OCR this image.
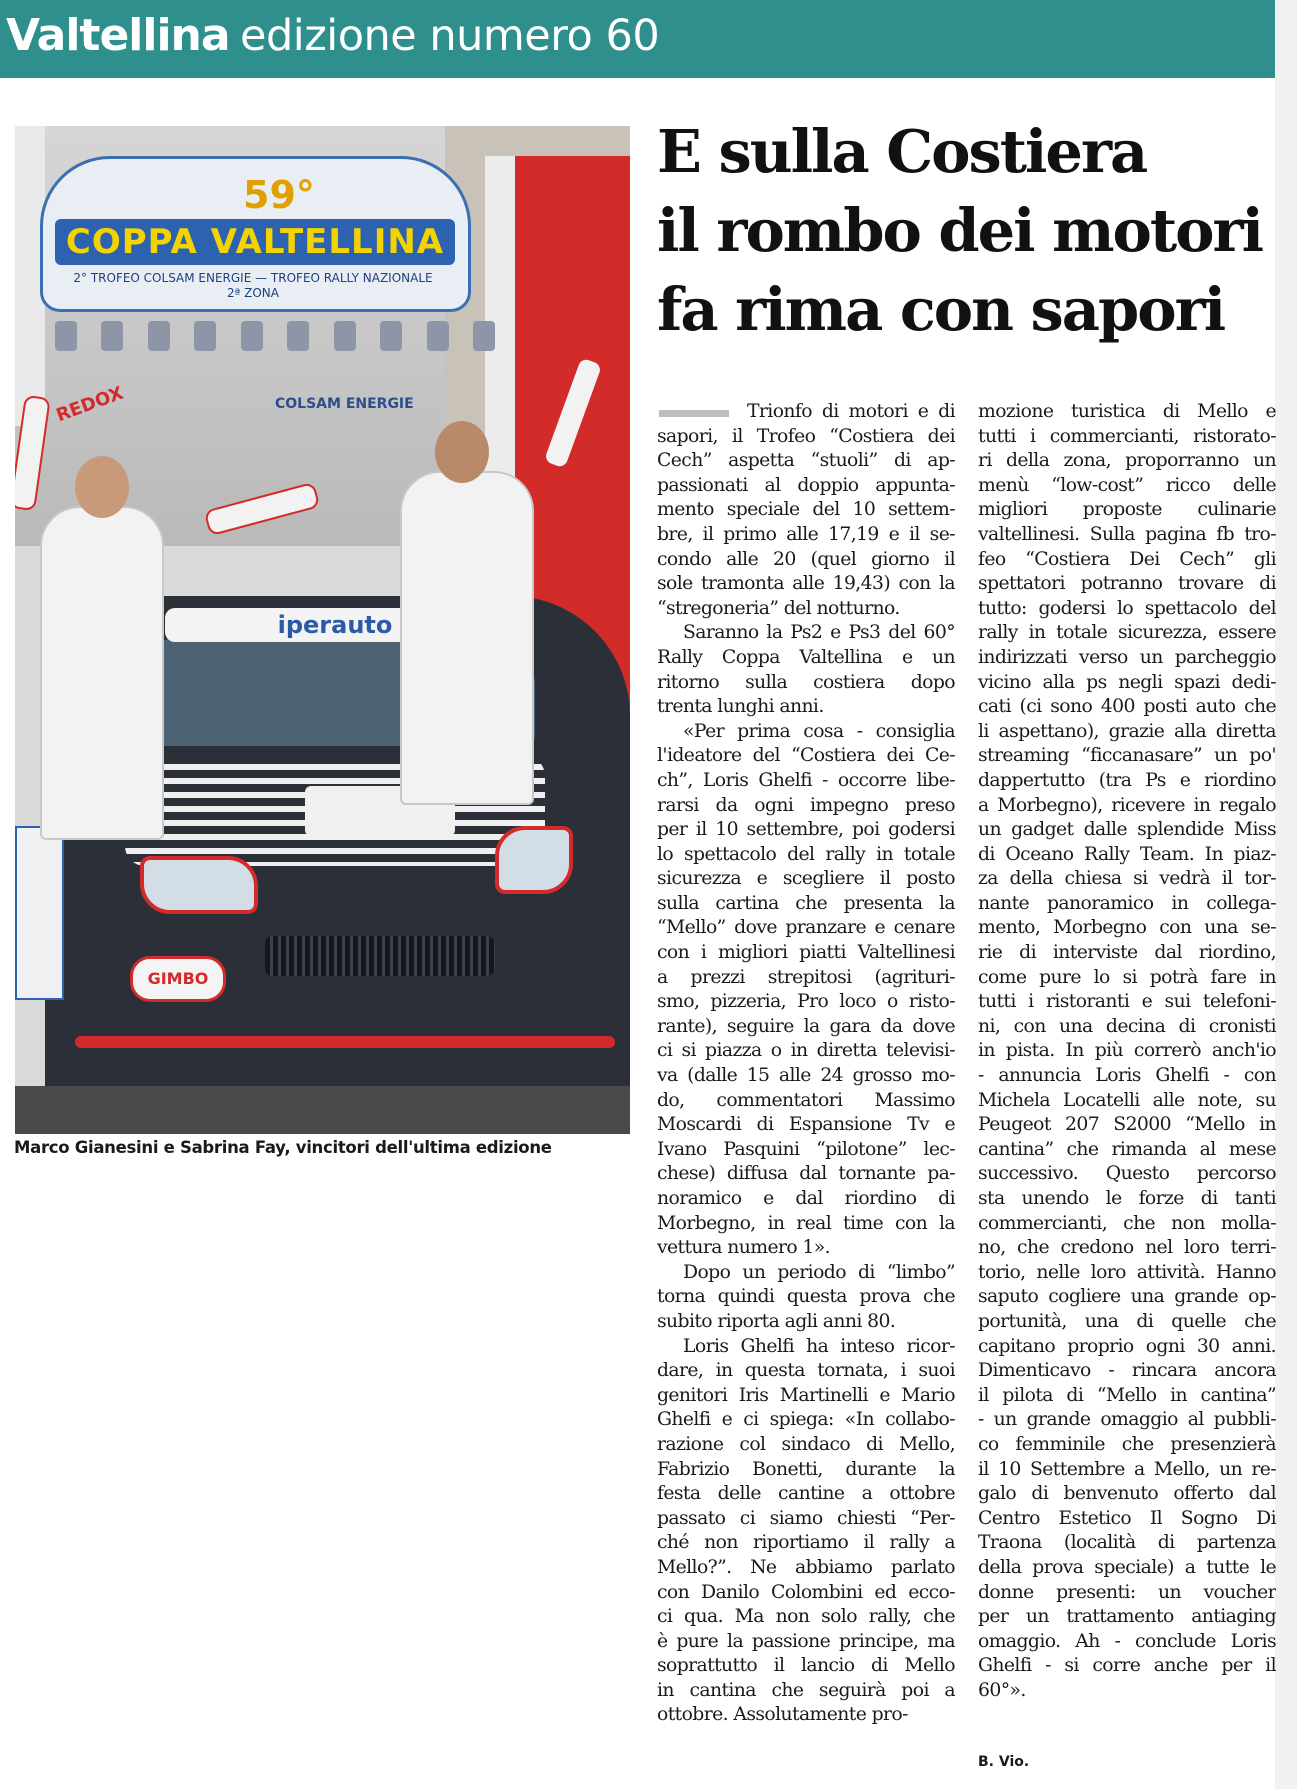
Valtellina edizione numero 60
59°
COPPA VALTELLINA
2° TROFEO COLSAM ENERGIE — TROFEO RALLY NAZIONALE 2ª ZONA
REDOX	COLSAM ENERGIE
iperauto
GIMBO
Marco Gianesini e Sabrina Fay, vincitori dell'ultima edizione
E sulla Costiera
il rombo dei motori
fa rima con sapori
Trionfo di motori e di
sapori, il Trofeo “Costiera dei
Cech” aspetta “stuoli” di ap-
passionati al doppio appunta-
mento speciale del 10 settem-
bre, il primo alle 17,19 e il se-
condo alle 20 (quel giorno il
sole tramonta alle 19,43) con la
“stregoneria” del notturno.
Saranno la Ps2 e Ps3 del 60°
Rally Coppa Valtellina e un
ritorno sulla costiera dopo
trenta lunghi anni.
«Per prima cosa - consiglia
l'ideatore del “Costiera dei Ce-
ch”, Loris Ghelfi - occorre libe-
rarsi da ogni impegno preso
per il 10 settembre, poi godersi
lo spettacolo del rally in totale
sicurezza e scegliere il posto
sulla cartina che presenta la
“Mello” dove pranzare e cenare
con i migliori piatti Valtellinesi
a prezzi strepitosi (agrituri-
smo, pizzeria, Pro loco o risto-
rante), seguire la gara da dove
ci si piazza o in diretta televisi-
va (dalle 15 alle 24 grosso mo-
do, commentatori Massimo
Moscardi di Espansione Tv e
Ivano Pasquini “pilotone” lec-
chese) diffusa dal tornante pa-
noramico e dal riordino di
Morbegno, in real time con la
vettura numero 1».
Dopo un periodo di “limbo”
torna quindi questa prova che
subito riporta agli anni 80.
Loris Ghelfi ha inteso ricor-
dare, in questa tornata, i suoi
genitori Iris Martinelli e Mario
Ghelfi e ci spiega: «In collabo-
razione col sindaco di Mello,
Fabrizio Bonetti, durante la
festa delle cantine a ottobre
passato ci siamo chiesti “Per-
ché non riportiamo il rally a
Mello?”. Ne abbiamo parlato
con Danilo Colombini ed ecco-
ci qua. Ma non solo rally, che
è pure la passione principe, ma
soprattutto il lancio di Mello
in cantina che seguirà poi a
ottobre. Assolutamente pro-
mozione turistica di Mello e
tutti i commercianti, ristorato-
ri della zona, proporranno un
menù “low-cost” ricco delle
migliori proposte culinarie
valtellinesi. Sulla pagina fb tro-
feo “Costiera Dei Cech” gli
spettatori potranno trovare di
tutto: godersi lo spettacolo del
rally in totale sicurezza, essere
indirizzati verso un parcheggio
vicino alla ps negli spazi dedi-
cati (ci sono 400 posti auto che
li aspettano), grazie alla diretta
streaming “ficcanasare” un po'
dappertutto (tra Ps e riordino
a Morbegno), ricevere in regalo
un gadget dalle splendide Miss
di Oceano Rally Team. In piaz-
za della chiesa si vedrà il tor-
nante panoramico in collega-
mento, Morbegno con una se-
rie di interviste dal riordino,
come pure lo si potrà fare in
tutti i ristoranti e sui telefoni-
ni, con una decina di cronisti
in pista. In più correrò anch'io
- annuncia Loris Ghelfi - con
Michela Locatelli alle note, su
Peugeot 207 S2000 “Mello in
cantina” che rimanda al mese
successivo. Questo percorso
sta unendo le forze di tanti
commercianti, che non molla-
no, che credono nel loro terri-
torio, nelle loro attività. Hanno
saputo cogliere una grande op-
portunità, una di quelle che
capitano proprio ogni 30 anni.
Dimenticavo - rincara ancora
il pilota di “Mello in cantina”
- un grande omaggio al pubbli-
co femminile che presenzierà
il 10 Settembre a Mello, un re-
galo di benvenuto offerto dal
Centro Estetico Il Sogno Di
Traona (località di partenza
della prova speciale) a tutte le
donne presenti: un voucher
per un trattamento antiaging
omaggio. Ah - conclude Loris
Ghelfi - si corre anche per il
60°».
B. Vio.
